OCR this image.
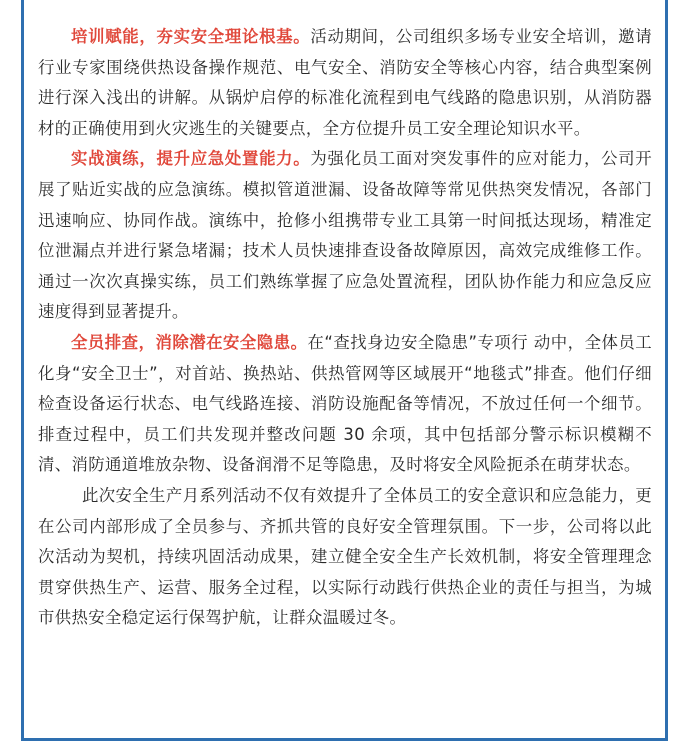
培训赋能，夯实安全理论根基。活动期间，公司组织多场专业安全培训，邀请行业专家围绕供热设备操作规范、电气安全、消防安全等核心内容，结合典型案例进行深入浅出的讲解。从锅炉启停的标准化流程到电气线路的隐患识别，从消防器材的正确使用到火灾逃生的关键要点，全方位提升员工安全理论知识水平。

实战演练，提升应急处置能力。为强化员工面对突发事件的应对能力，公司开展了贴近实战的应急演练。模拟管道泄漏、设备故障等常见供热突发情况，各部门迅速响应、协同作战。演练中，抢修小组携带专业工具第一时间抵达现场，精准定位泄漏点并进行紧急堵漏；技术人员快速排查设备故障原因，高效完成维修工作。通过一次次真操实练，员工们熟练掌握了应急处置流程，团队协作能力和应急反应速度得到显著提升。

全员排查，消除潜在安全隐患。在“查找身边安全隐患”专项行 动中，全体员工化身“安全卫士”，对首站、换热站、供热管网等区域展开“地毯式”排查。他们仔细检查设备运行状态、电气线路连接、消防设施配备等情况，不放过任何一个细节。排查过程中，员工们共发现并整改问题 30 余项，其中包括部分警示标识模糊不清、消防通道堆放杂物、设备润滑不足等隐患，及时将安全风险扼杀在萌芽状态。

此次安全生产月系列活动不仅有效提升了全体员工的安全意识和应急能力，更在公司内部形成了全员参与、齐抓共管的良好安全管理氛围。下一步，公司将以此次活动为契机，持续巩固活动成果，建立健全安全生产长效机制，将安全管理理念贯穿供热生产、运营、服务全过程，以实际行动践行供热企业的责任与担当，为城市供热安全稳定运行保驾护航，让群众温暖过冬。
